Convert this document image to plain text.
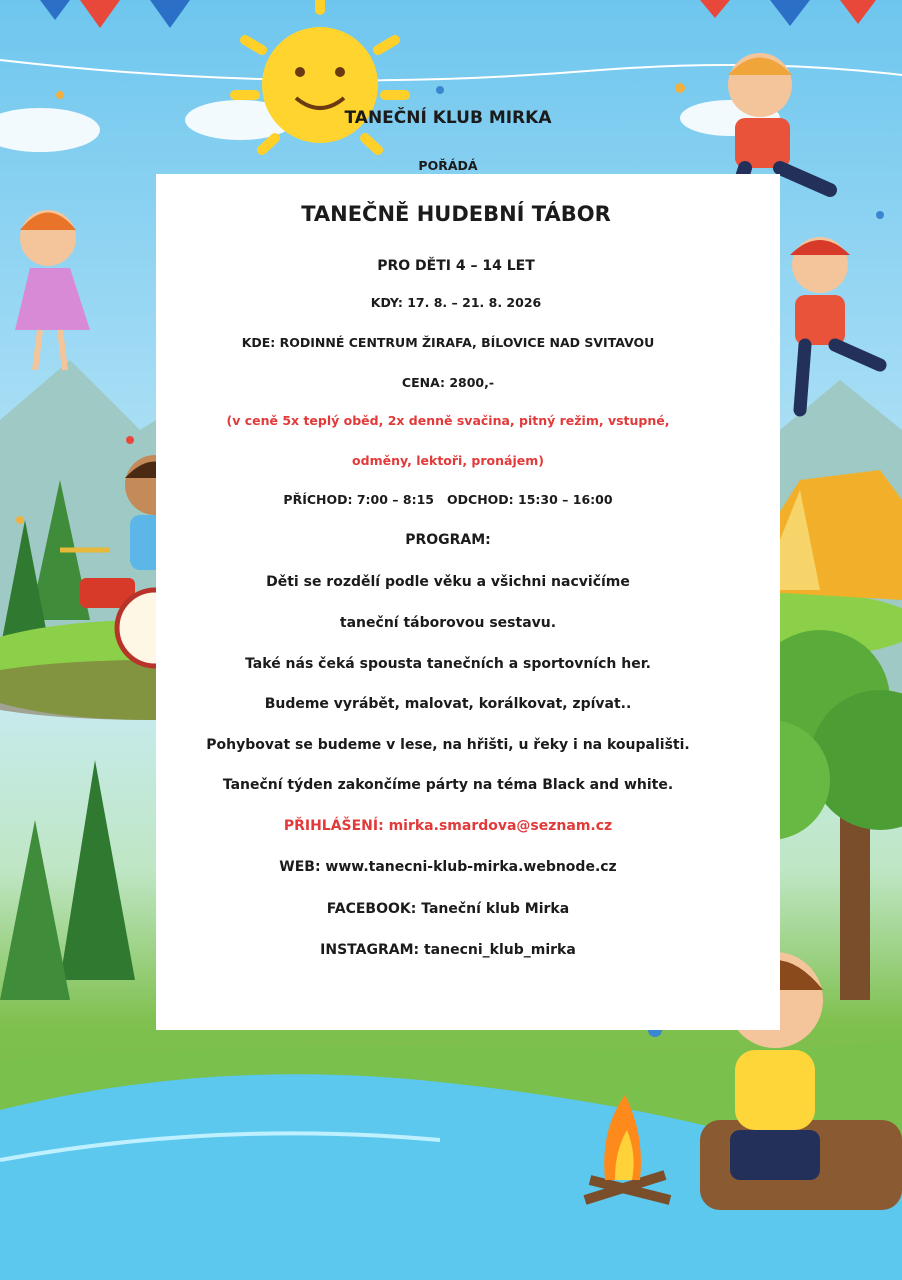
TANEČNÍ KLUB MIRKA
POŘÁDÁ
TANEČNĚ HUDEBNÍ TÁBOR
PRO DĚTI 4 – 14 LET
KDY: 17. 8. – 21. 8. 2026
KDE: RODINNÉ CENTRUM ŽIRAFA, BÍLOVICE NAD SVITAVOU
CENA: 2800,-
(v ceně 5x teplý oběd, 2x denně svačina, pitný režim, vstupné,
odměny, lektoři, pronájem)
PŘÍCHOD: 7:00 – 8:15   ODCHOD: 15:30 – 16:00
PROGRAM:
Děti se rozdělí podle věku a všichni nacvičíme
taneční táborovou sestavu.
Také nás čeká spousta tanečních a sportovních her.
Budeme vyrábět, malovat, korálkovat, zpívat..
Pohybovat se budeme v lese, na hřišti, u řeky i na koupališti.
Taneční týden zakončíme párty na téma Black and white.
PŘIHLÁŠENÍ: mirka.smardova@seznam.cz
WEB: www.tanecni-klub-mirka.webnode.cz
FACEBOOK: Taneční klub Mirka
INSTAGRAM: tanecni_klub_mirka
